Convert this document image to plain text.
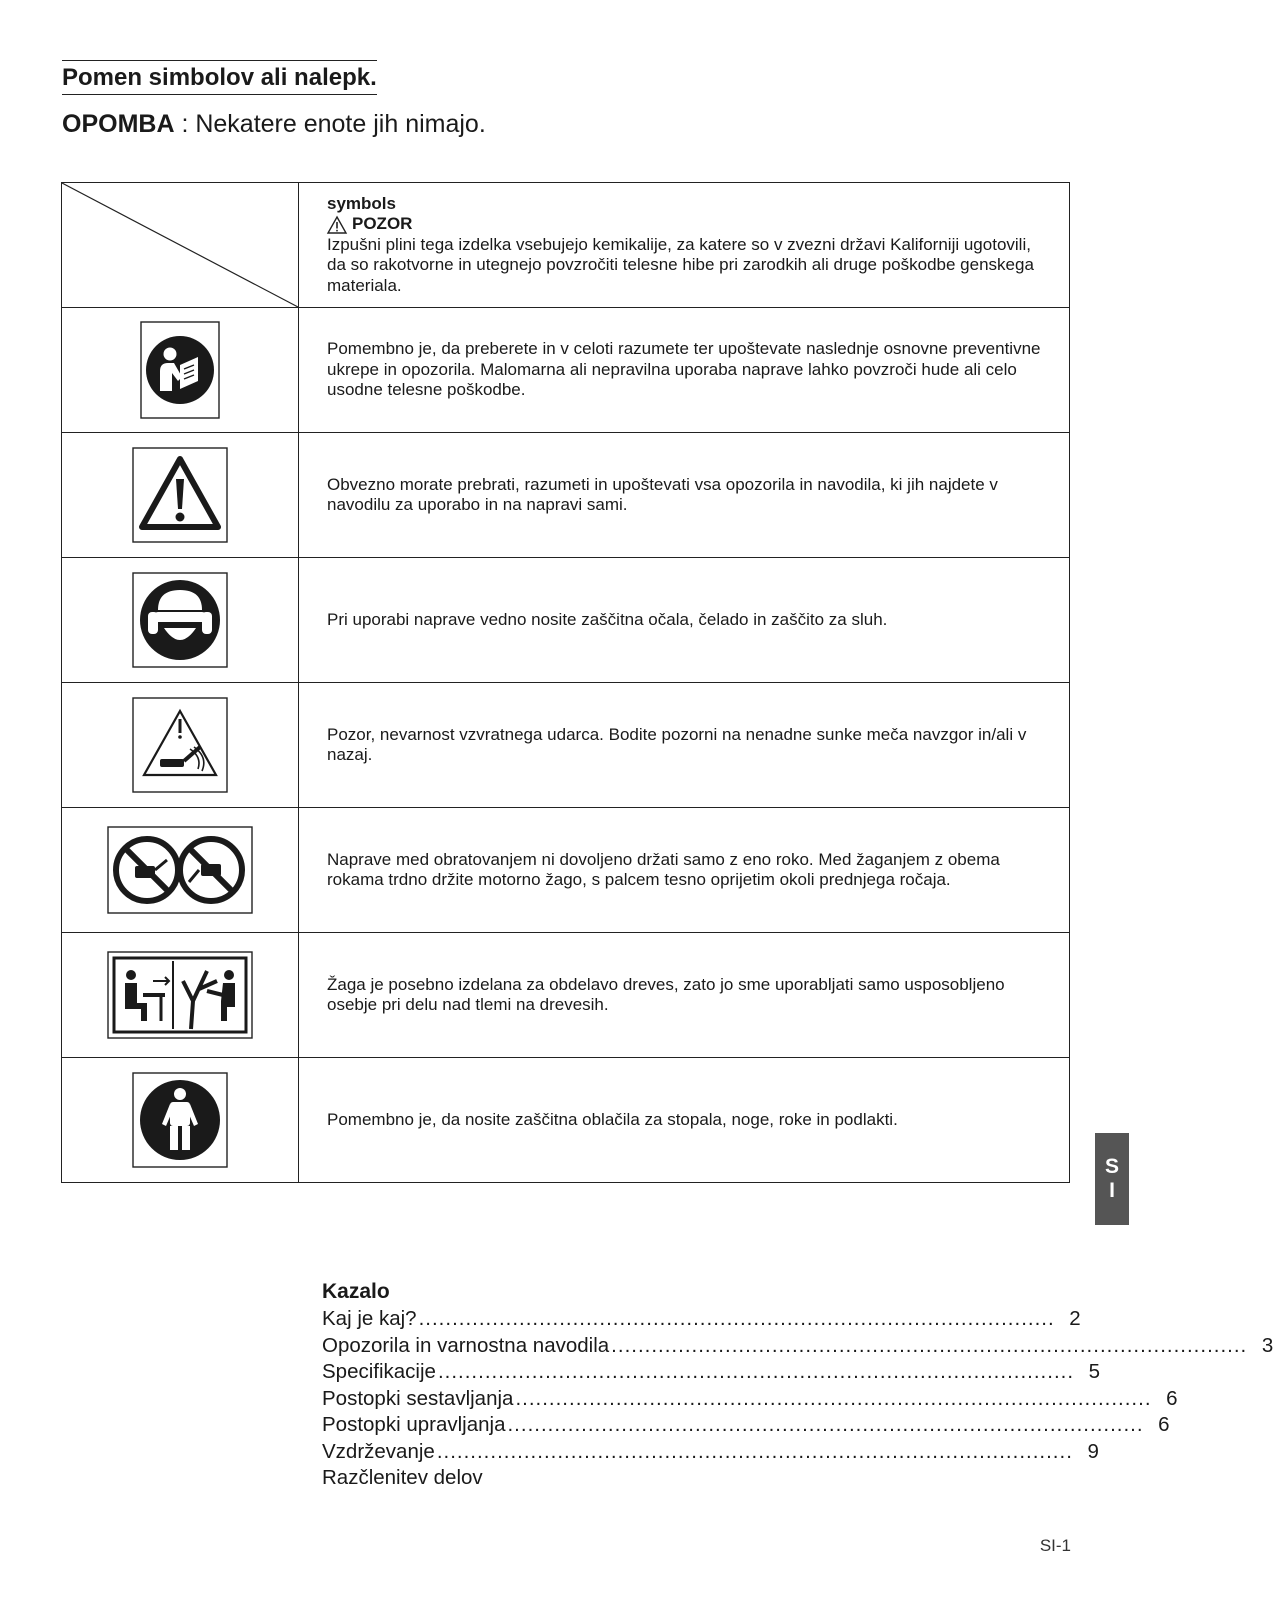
Pomen simbolov ali nalepk.
OPOMBA : Nekatere enote jih nimajo.

symbols
POZOR
Izpušni plini tega izdelka vsebujejo kemikalije, za katere so v zvezni državi Kaliforniji ugotovili, da so rakotvorne in utegnejo povzročiti telesne hibe pri zarodkih ali druge poškodbe genskega materiala.

	Pomembno je, da preberete in v celoti razumete ter upoštevate naslednje osnovne preventivne ukrepe in opozorila. Malomarna ali nepravilna uporaba naprave lahko povzroči hude ali celo usodne telesne poškodbe.
	Obvezno morate prebrati, razumeti in upoštevati vsa opozorila in navodila, ki jih najdete v navodilu za uporabo in na napravi sami.
	Pri uporabi naprave vedno nosite zaščitna očala, čelado in zaščito za sluh.
	Pozor, nevarnost vzvratnega udarca. Bodite pozorni na nenadne sunke meča navzgor in/ali v nazaj.
	Naprave med obratovanjem ni dovoljeno držati samo z eno roko. Med žaganjem z obema rokama trdno držite motorno žago, s palcem tesno oprijetim okoli prednjega ročaja.
	Žaga je posebno izdelana za obdelavo dreves, zato jo sme uporabljati samo usposobljeno osebje pri delu nad tlemi na drevesih.
	Pomembno je, da nosite zaščitna oblačila za stopala, noge, roke in podlakti.
S
I
Kazalo
Kaj je kaj? ............................................................................................... 2
Opozorila in varnostna navodila ............................................................................................... 3
Specifikacije ............................................................................................... 5
Postopki sestavljanja ............................................................................................... 6
Postopki upravljanja ............................................................................................... 6
Vzdrževanje ............................................................................................... 9
Razčlenitev delov
SI-1
